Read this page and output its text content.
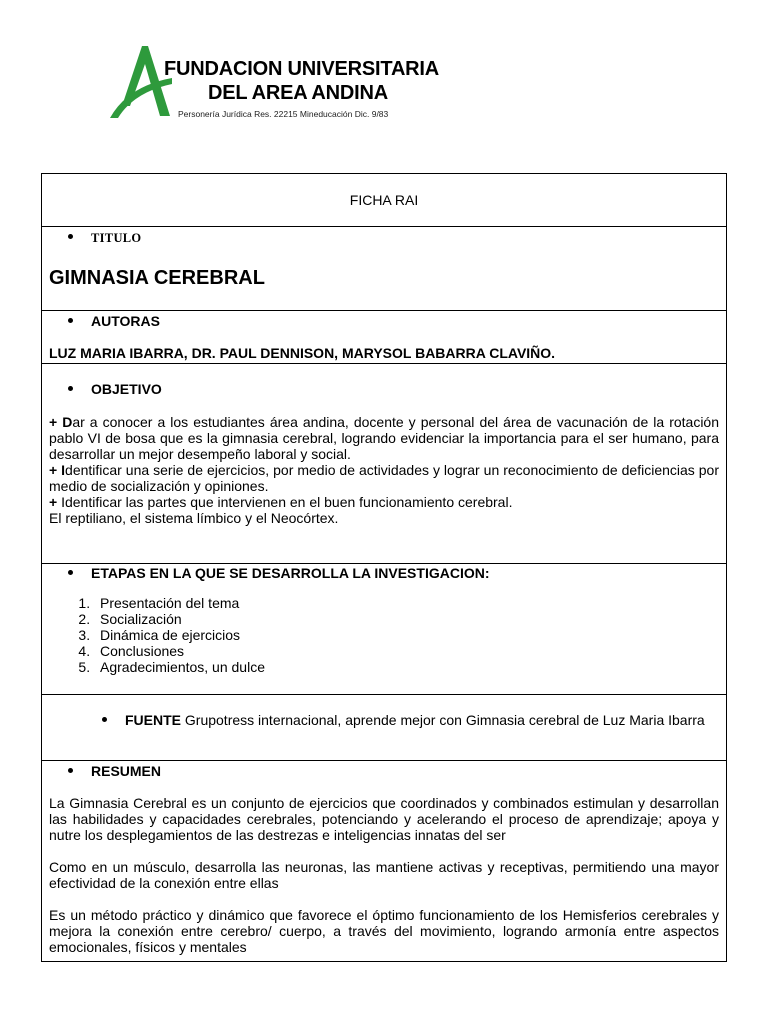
FUNDACION UNIVERSITARIA
DEL AREA ANDINA
Personería Jurídica Res. 22215 Mineducación Dic. 9/83
FICHA RAI

TITULO
GIMNASIA CEREBRAL

AUTORAS
LUZ MARIA IBARRA, DR. PAUL DENNISON, MARYSOL BABARRA CLAVIÑO.

OBJETIVO
+ Dar a conocer a los estudiantes área andina, docente y personal del área de vacunación de la rotación pablo VI de bosa que es la gimnasia cerebral, logrando evidenciar la importancia para el ser humano, para desarrollar un mejor desempeño laboral y social.
+ Identificar una serie de ejercicios, por medio de actividades y lograr un reconocimiento de deficiencias por medio de socialización y opiniones.
+ Identificar las partes que intervienen en el buen funcionamiento cerebral.
El reptiliano, el sistema límbico y el Neocórtex.

ETAPAS EN LA QUE SE DESARROLLA LA INVESTIGACION:
1. Presentación del tema
2. Socialización
3. Dinámica de ejercicios
4. Conclusiones
5. Agradecimientos, un dulce

FUENTE Grupotress internacional, aprende mejor con Gimnasia cerebral de Luz Maria Ibarra

RESUMEN
La Gimnasia Cerebral es un conjunto de ejercicios que coordinados y combinados estimulan y desarrollan las habilidades y capacidades cerebrales, potenciando y acelerando el proceso de aprendizaje; apoya y nutre los desplegamientos de las destrezas e inteligencias innatas del ser
Como en un músculo, desarrolla las neuronas, las mantiene activas y receptivas, permitiendo una mayor efectividad de la conexión entre ellas
Es un método práctico y dinámico que favorece el óptimo funcionamiento de los Hemisferios cerebrales y mejora la conexión entre cerebro/ cuerpo, a través del movimiento, logrando armonía entre aspectos emocionales, físicos y mentales
